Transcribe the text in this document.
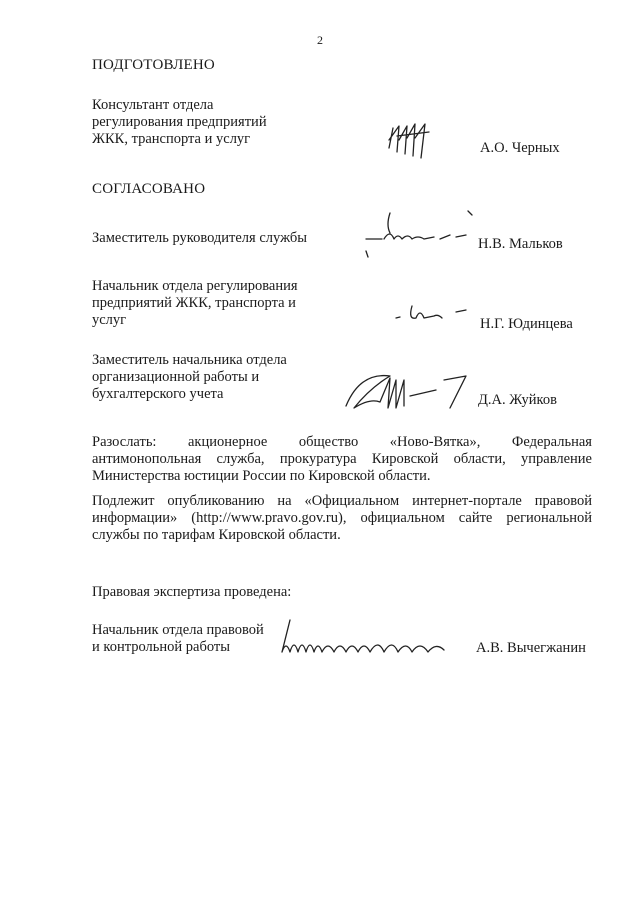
2
ПОДГОТОВЛЕНО
Консультант отдела
регулирования предприятий
ЖКК, транспорта и услуг
А.О. Черных
СОГЛАСОВАНО
Заместитель руководителя службы	Н.В. Мальков
Начальник отдела регулирования
предприятий ЖКК, транспорта и
услуг	Н.Г. Юдинцева
Заместитель начальника отдела
организационной работы и
бухгалтерского учета	Д.А. Жуйков
Разослать: акционерное общество «Ново-Вятка», Федеральная
антимонопольная служба, прокуратура Кировской области, управление
Министерства юстиции России по Кировской области.
Подлежит опубликованию на «Официальном интернет-портале правовой
информации» (http://www.pravo.gov.ru), официальном сайте региональной
службы по тарифам Кировской области.
Правовая экспертиза проведена:
Начальник отдела правовой
и контрольной работы	А.В. Вычегжанин
